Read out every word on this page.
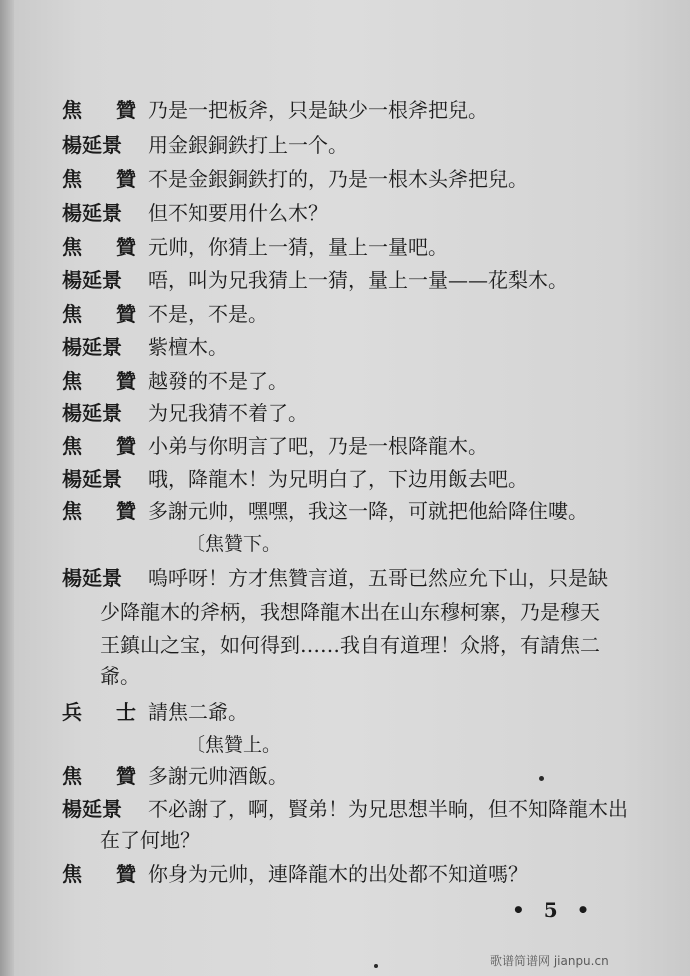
焦 贊 乃是一把板斧，只是缺少一根斧把兒。
楊延景 用金銀銅鉄打上一个。
焦 贊 不是金銀銅鉄打的，乃是一根木头斧把兒。
楊延景 但不知要用什么木？
焦 贊 元帅，你猜上一猜，量上一量吧。
楊延景 唔，叫为兄我猜上一猜，量上一量——花梨木。
焦 贊 不是，不是。
楊延景 紫檀木。
焦 贊 越發的不是了。
楊延景 为兄我猜不着了。
焦 贊 小弟与你明言了吧，乃是一根降龍木。
楊延景 哦，降龍木！为兄明白了，下边用飯去吧。
焦 贊 多謝元帅，嘿嘿，我这一降，可就把他給降住嘍。
〔焦贊下。
楊延景 嗚呼呀！方才焦贊言道，五哥已然应允下山，只是缺
少降龍木的斧柄，我想降龍木出在山东穆柯寨，乃是穆天
王鎮山之宝，如何得到……我自有道理！众將，有請焦二
爺。
兵 士 請焦二爺。
〔焦贊上。
焦 贊 多謝元帅酒飯。
楊延景 不必謝了，啊，賢弟！为兄思想半晌，但不知降龍木出
在了何地？
焦 贊 你身为元帅，連降龍木的出处都不知道嗎？
• 5 •
歌谱简谱网 jianpu.cn
